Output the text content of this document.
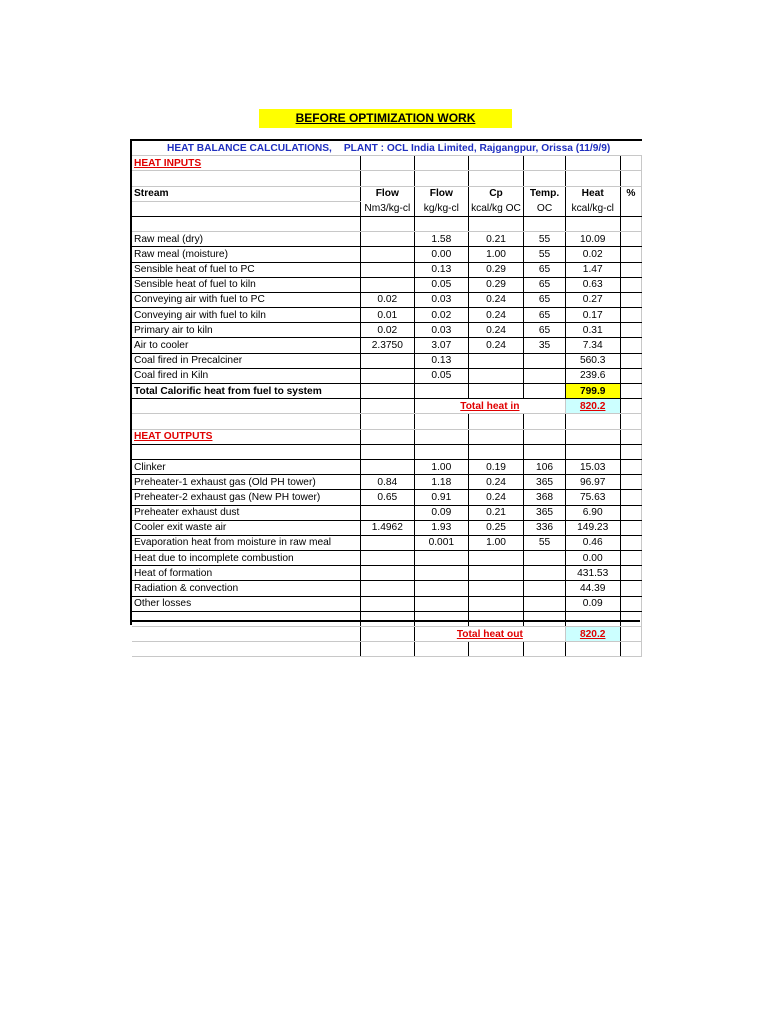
BEFORE OPTIMIZATION WORK
HEAT BALANCE CALCULATIONS, PLANT : OCL India Limited, Rajgangpur, Orissa (11/9/9)						
HEAT INPUTS						

Stream	Flow	Flow	Cp	Temp.	Heat	%
	Nm3/kg-cl	kg/kg-cl	kcal/kg OC	OC	kcal/kg-cl	

Raw meal (dry)		1.58	0.21	55	10.09	
Raw meal (moisture)		0.00	1.00	55	0.02	
Sensible heat of fuel to PC		0.13	0.29	65	1.47	
Sensible heat of fuel to kiln		0.05	0.29	65	0.63	
Conveying air with fuel to PC	0.02	0.03	0.24	65	0.27	
Conveying air with fuel to kiln	0.01	0.02	0.24	65	0.17	
Primary air to kiln	0.02	0.03	0.24	65	0.31	
Air to cooler	2.3750	3.07	0.24	35	7.34	
Coal fired in Precalciner		0.13			560.3	
Coal fired in Kiln		0.05			239.6	
Total Calorific heat from fuel to system					799.9	
		Total heat in			820.2	

HEAT OUTPUTS						

Clinker		1.00	0.19	106	15.03	
Preheater-1 exhaust gas (Old PH tower)	0.84	1.18	0.24	365	96.97	
Preheater-2 exhaust gas (New PH tower)	0.65	0.91	0.24	368	75.63	
Preheater exhaust dust		0.09	0.21	365	6.90	
Cooler exit waste air	1.4962	1.93	0.25	336	149.23	
Evaporation heat from moisture in raw meal		0.001	1.00	55	0.46	
Heat due to incomplete combustion					0.00	
Heat of formation					431.53	
Radiation & convection					44.39	
Other losses					0.09	

		Total heat out			820.2	
